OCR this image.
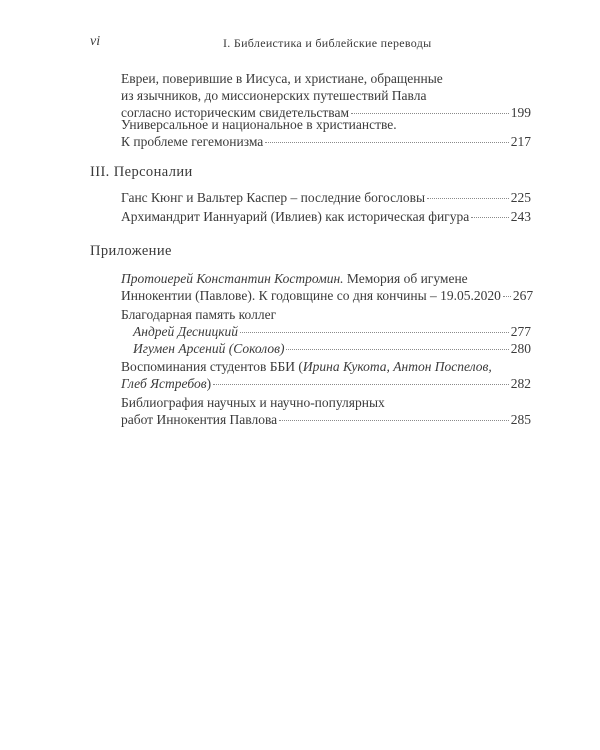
vi	I. Библеистика и библейские переводы
Евреи, поверившие в Иисуса, и христиане, обращенные
из язычников, до миссионерских путешествий Павла
согласно историческим свидетельствам	199
Универсальное и национальное в христианстве.
К проблеме гегемонизма	217
III. Персоналии
Ганс Кюнг и Вальтер Каспер – последние богословы	225
Архимандрит Ианнуарий (Ивлиев) как историческая фигура	243
Приложение
Протоиерей Константин Костромин. Мемория об игумене
Иннокентии (Павлове). К годовщине со дня кончины – 19.05.2020 267
Благодарная память коллег
Андрей Десницкий	277
Игумен Арсений (Соколов)	280
Воспоминания студентов ББИ (Ирина Кукота, Антон Поспелов,
Глеб Ястребов)	282
Библиография научных и научно-популярных
работ Иннокентия Павлова	285
